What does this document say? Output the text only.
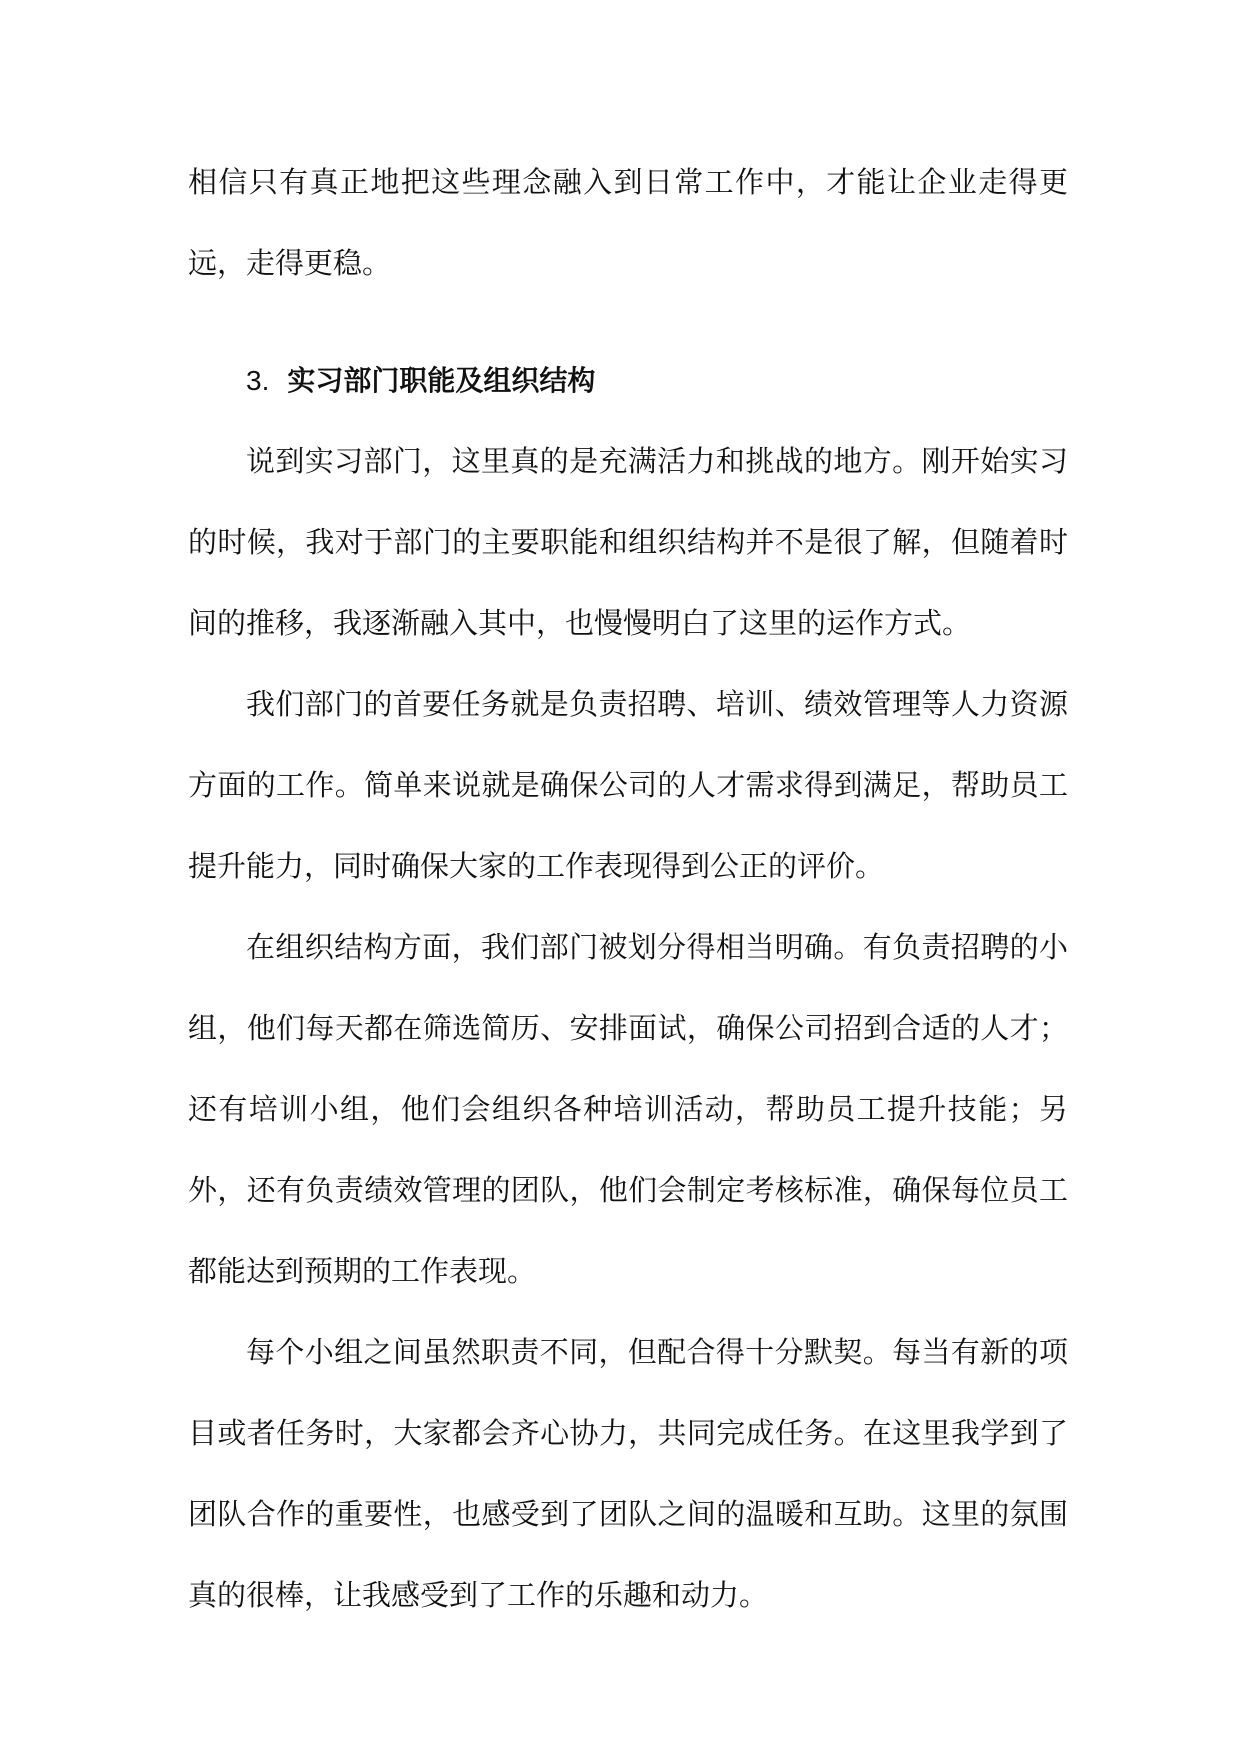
相信只有真正地把这些理念融入到日常工作中，才能让企业走得更远，走得更稳。

3. 实习部门职能及组织结构

说到实习部门，这里真的是充满活力和挑战的地方。刚开始实习的时候，我对于部门的主要职能和组织结构并不是很了解，但随着时间的推移，我逐渐融入其中，也慢慢明白了这里的运作方式。

我们部门的首要任务就是负责招聘、培训、绩效管理等人力资源方面的工作。简单来说就是确保公司的人才需求得到满足，帮助员工提升能力，同时确保大家的工作表现得到公正的评价。

在组织结构方面，我们部门被划分得相当明确。有负责招聘的小组，他们每天都在筛选简历、安排面试，确保公司招到合适的人才；还有培训小组，他们会组织各种培训活动，帮助员工提升技能；另外，还有负责绩效管理的团队，他们会制定考核标准，确保每位员工都能达到预期的工作表现。

每个小组之间虽然职责不同，但配合得十分默契。每当有新的项目或者任务时，大家都会齐心协力，共同完成任务。在这里我学到了团队合作的重要性，也感受到了团队之间的温暖和互助。这里的氛围真的很棒，让我感受到了工作的乐趣和动力。
